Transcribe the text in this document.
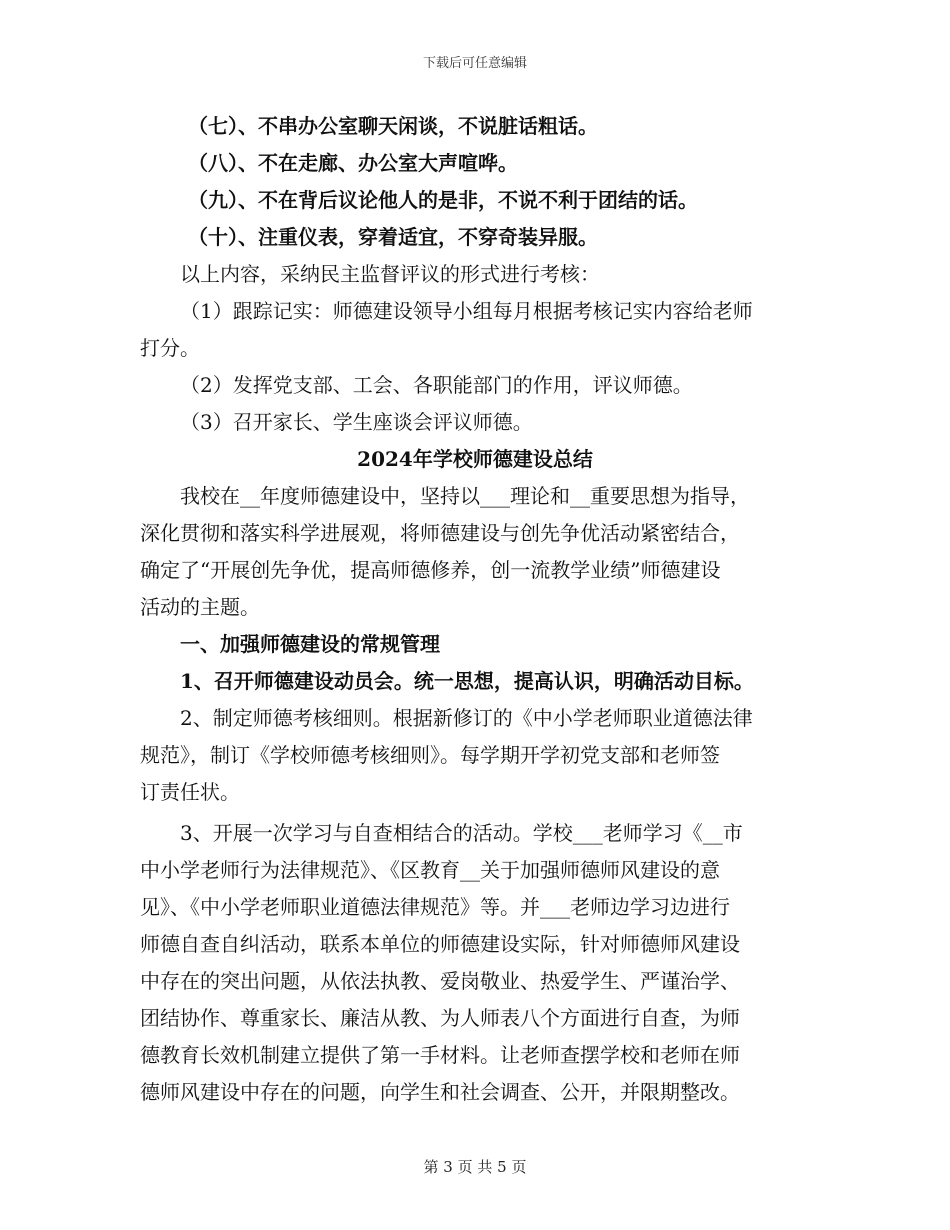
下载后可任意编辑
（七）、不串办公室聊天闲谈，不说脏话粗话。
（八）、不在走廊、办公室大声喧哗。
（九）、不在背后议论他人的是非，不说不利于团结的话。
（十）、注重仪表，穿着适宜，不穿奇装异服。
以上内容，采纳民主监督评议的形式进行考核：
（1）跟踪记实：师德建设领导小组每月根据考核记实内容给老师
打分。
（2）发挥党支部、工会、各职能部门的作用，评议师德。
（3）召开家长、学生座谈会评议师德。
2024年学校师德建设总结
我校在__年度师德建设中，坚持以___理论和__重要思想为指导，
深化贯彻和落实科学进展观，将师德建设与创先争优活动紧密结合，
确定了“开展创先争优，提高师德修养，创一流教学业绩”师德建设
活动的主题。
一、加强师德建设的常规管理
1、召开师德建设动员会。统一思想，提高认识，明确活动目标。
2、制定师德考核细则。根据新修订的《中小学老师职业道德法律
规范》，制订《学校师德考核细则》。每学期开学初党支部和老师签
订责任状。
3、开展一次学习与自查相结合的活动。学校___老师学习《__市
中小学老师行为法律规范》、《区教育__关于加强师德师风建设的意
见》、《中小学老师职业道德法律规范》等。并___老师边学习边进行
师德自查自纠活动，联系本单位的师德建设实际，针对师德师风建设
中存在的突出问题，从依法执教、爱岗敬业、热爱学生、严谨治学、
团结协作、尊重家长、廉洁从教、为人师表八个方面进行自查，为师
德教育长效机制建立提供了第一手材料。让老师查摆学校和老师在师
德师风建设中存在的问题，向学生和社会调查、公开，并限期整改。
第 3 页 共 5 页
